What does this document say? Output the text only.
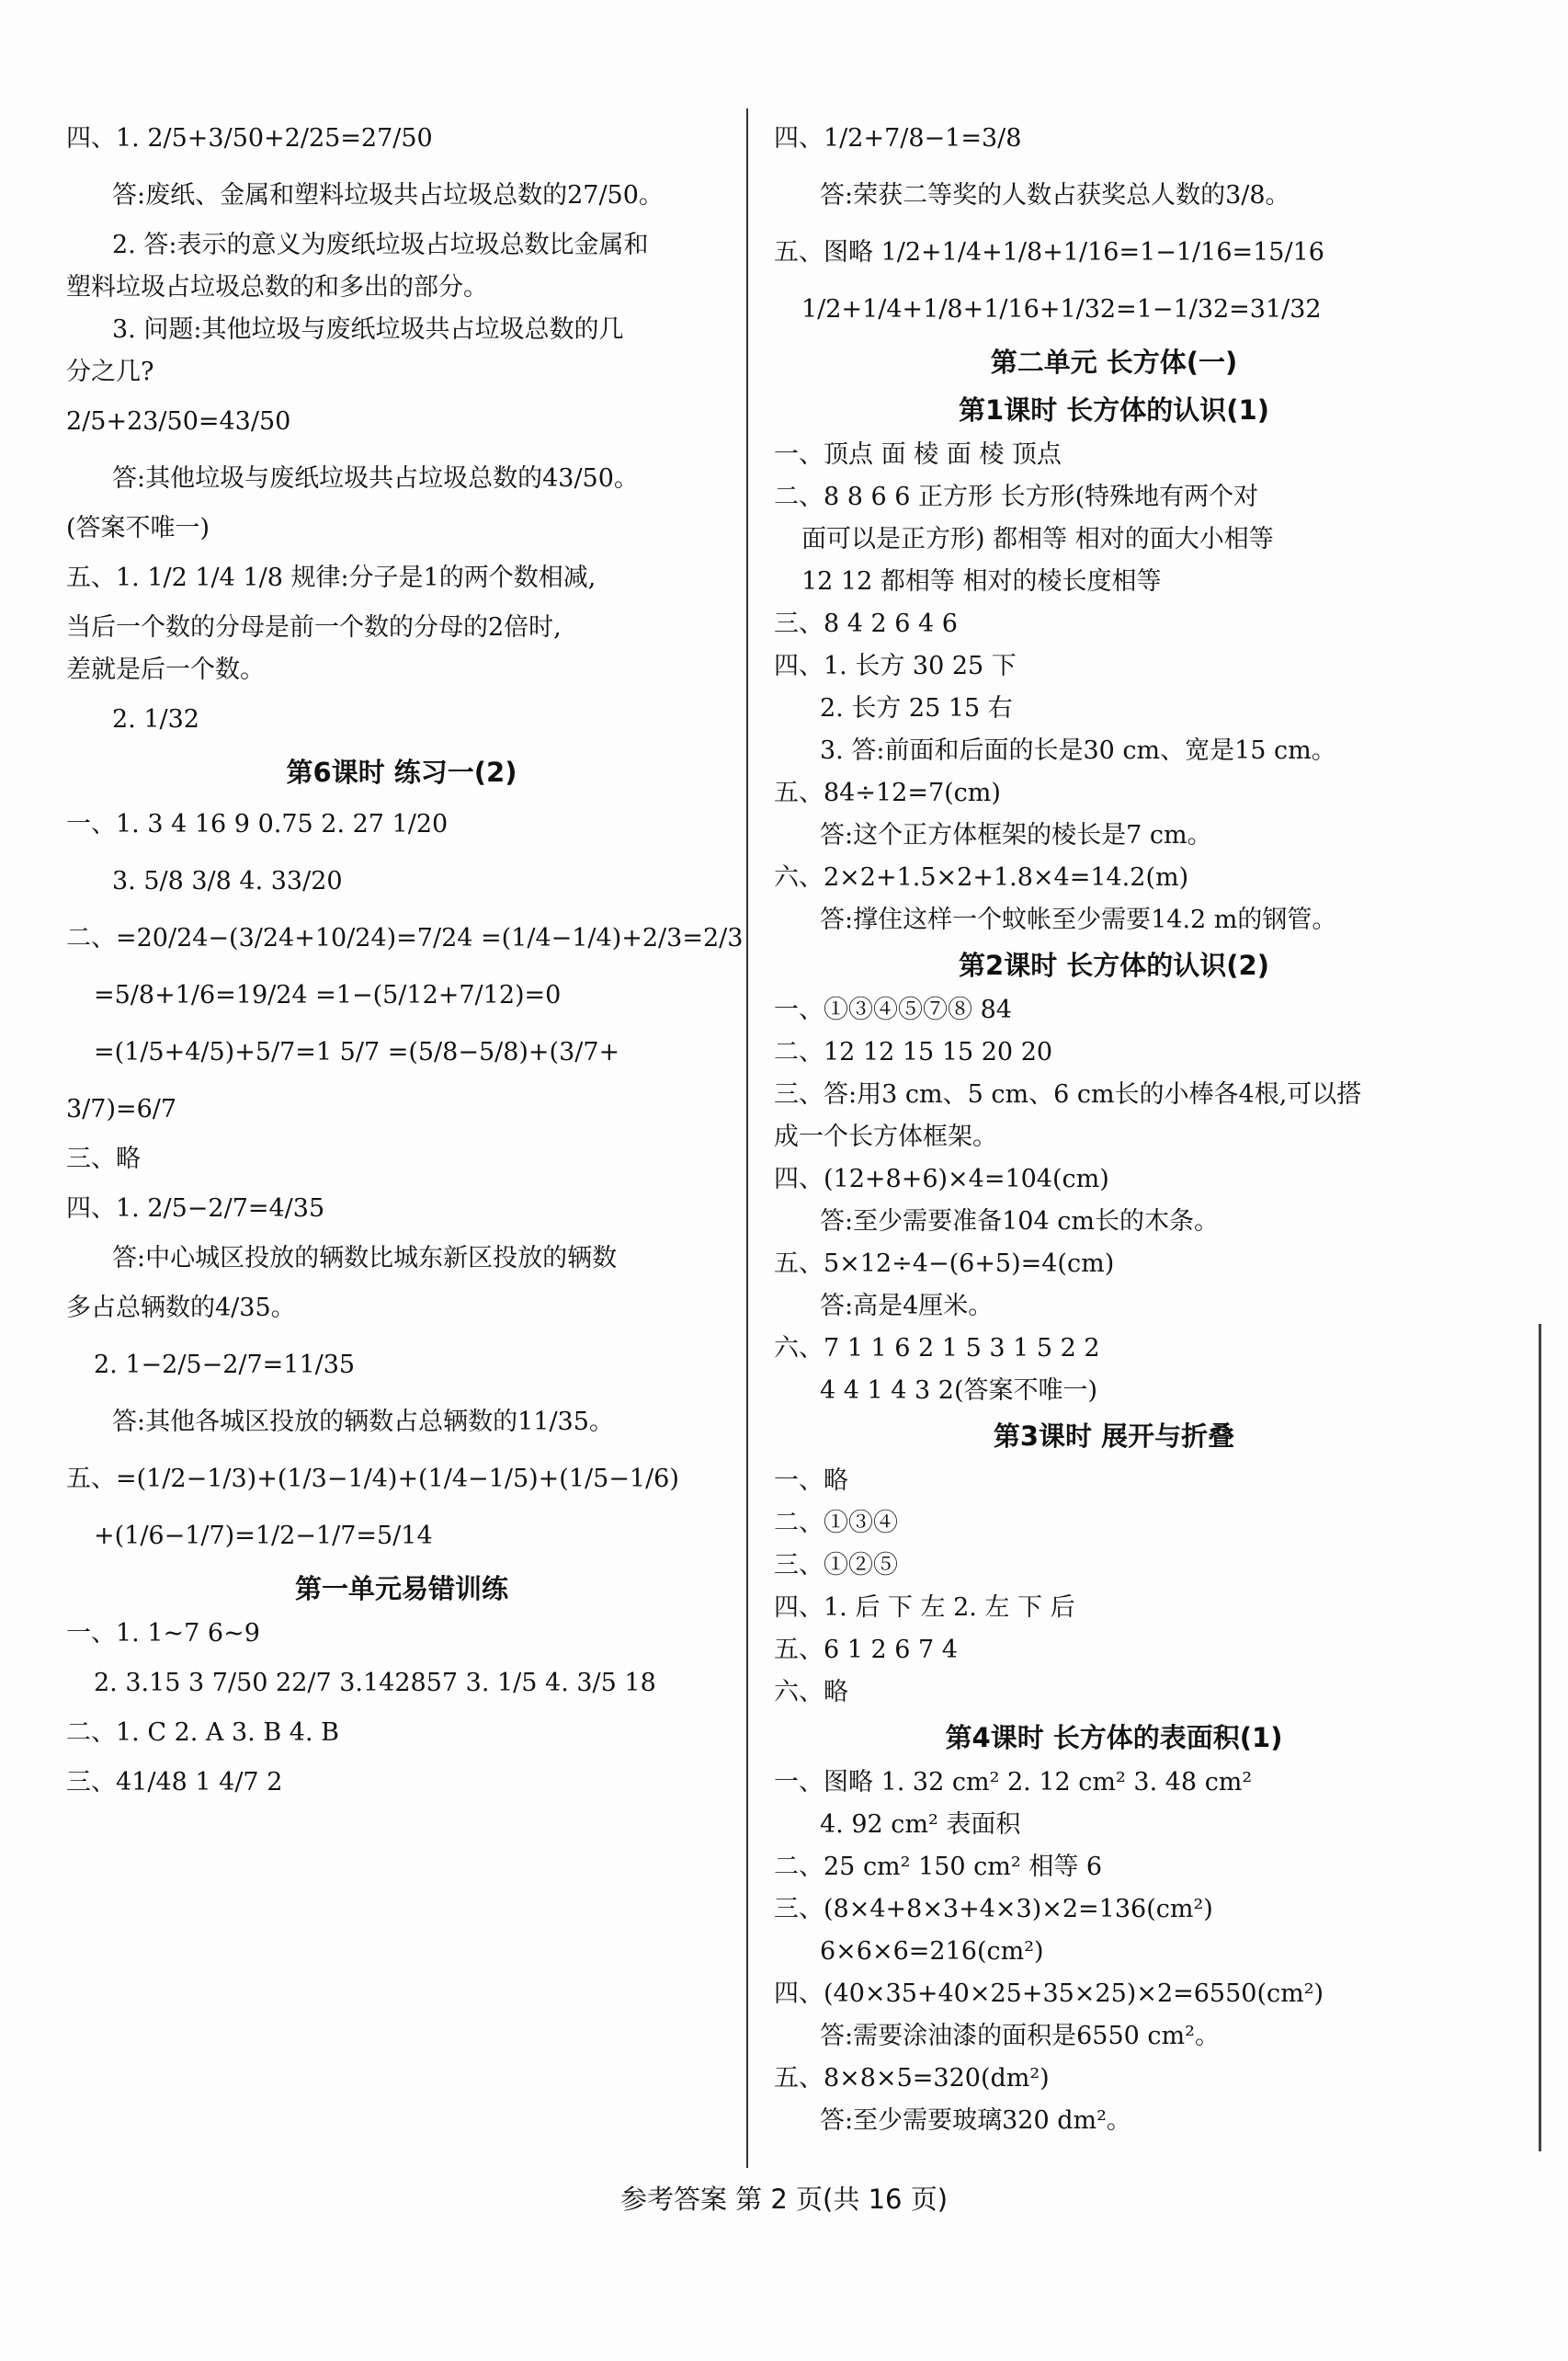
四、1. 2/5+3/50+2/25=27/50
答:废纸、金属和塑料垃圾共占垃圾总数的27/50。
2. 答:表示的意义为废纸垃圾占垃圾总数比金属和
塑料垃圾占垃圾总数的和多出的部分。
3. 问题:其他垃圾与废纸垃圾共占垃圾总数的几
分之几?
2/5+23/50=43/50
答:其他垃圾与废纸垃圾共占垃圾总数的43/50。
(答案不唯一)
五、1. 1/2 1/4 1/8 规律:分子是1的两个数相减,
当后一个数的分母是前一个数的分母的2倍时,
差就是后一个数。
2. 1/32
第6课时 练习一(2)
一、1. 3 4 16 9 0.75 2. 27 1/20
3. 5/8 3/8 4. 33/20
二、=20/24−(3/24+10/24)=7/24 =(1/4−1/4)+2/3=2/3
=5/8+1/6=19/24 =1−(5/12+7/12)=0
=(1/5+4/5)+5/7=1 5/7 =(5/8−5/8)+(3/7+
3/7)=6/7
三、略
四、1. 2/5−2/7=4/35
答:中心城区投放的辆数比城东新区投放的辆数
多占总辆数的4/35。
2. 1−2/5−2/7=11/35
答:其他各城区投放的辆数占总辆数的11/35。
五、=(1/2−1/3)+(1/3−1/4)+(1/4−1/5)+(1/5−1/6)
+(1/6−1/7)=1/2−1/7=5/14
第一单元易错训练
一、1. 1~7 6~9
2. 3.15 3 7/50 22/7 3.142857 3. 1/5 4. 3/5 18
二、1. C 2. A 3. B 4. B
三、41/48 1 4/7 2
四、1/2+7/8−1=3/8
答:荣获二等奖的人数占获奖总人数的3/8。
五、图略 1/2+1/4+1/8+1/16=1−1/16=15/16
1/2+1/4+1/8+1/16+1/32=1−1/32=31/32
第二单元 长方体(一)
第1课时 长方体的认识(1)
一、顶点 面 棱 面 棱 顶点
二、8 8 6 6 正方形 长方形(特殊地有两个对
面可以是正方形) 都相等 相对的面大小相等
12 12 都相等 相对的棱长度相等
三、8 4 2 6 4 6
四、1. 长方 30 25 下
2. 长方 25 15 右
3. 答:前面和后面的长是30 cm、宽是15 cm。
五、84÷12=7(cm)
答:这个正方体框架的棱长是7 cm。
六、2×2+1.5×2+1.8×4=14.2(m)
答:撑住这样一个蚊帐至少需要14.2 m的钢管。
第2课时 长方体的认识(2)
一、①③④⑤⑦⑧ 84
二、12 12 15 15 20 20
三、答:用3 cm、5 cm、6 cm长的小棒各4根,可以搭
成一个长方体框架。
四、(12+8+6)×4=104(cm)
答:至少需要准备104 cm长的木条。
五、5×12÷4−(6+5)=4(cm)
答:高是4厘米。
六、7 1 1 6 2 1 5 3 1 5 2 2
4 4 1 4 3 2(答案不唯一)
第3课时 展开与折叠
一、略
二、①③④
三、①②⑤
四、1. 后 下 左 2. 左 下 后
五、6 1 2 6 7 4
六、略
第4课时 长方体的表面积(1)
一、图略 1. 32 cm² 2. 12 cm² 3. 48 cm²
4. 92 cm² 表面积
二、25 cm² 150 cm² 相等 6
三、(8×4+8×3+4×3)×2=136(cm²)
6×6×6=216(cm²)
四、(40×35+40×25+35×25)×2=6550(cm²)
答:需要涂油漆的面积是6550 cm²。
五、8×8×5=320(dm²)
答:至少需要玻璃320 dm²。
参考答案 第 2 页(共 16 页)
